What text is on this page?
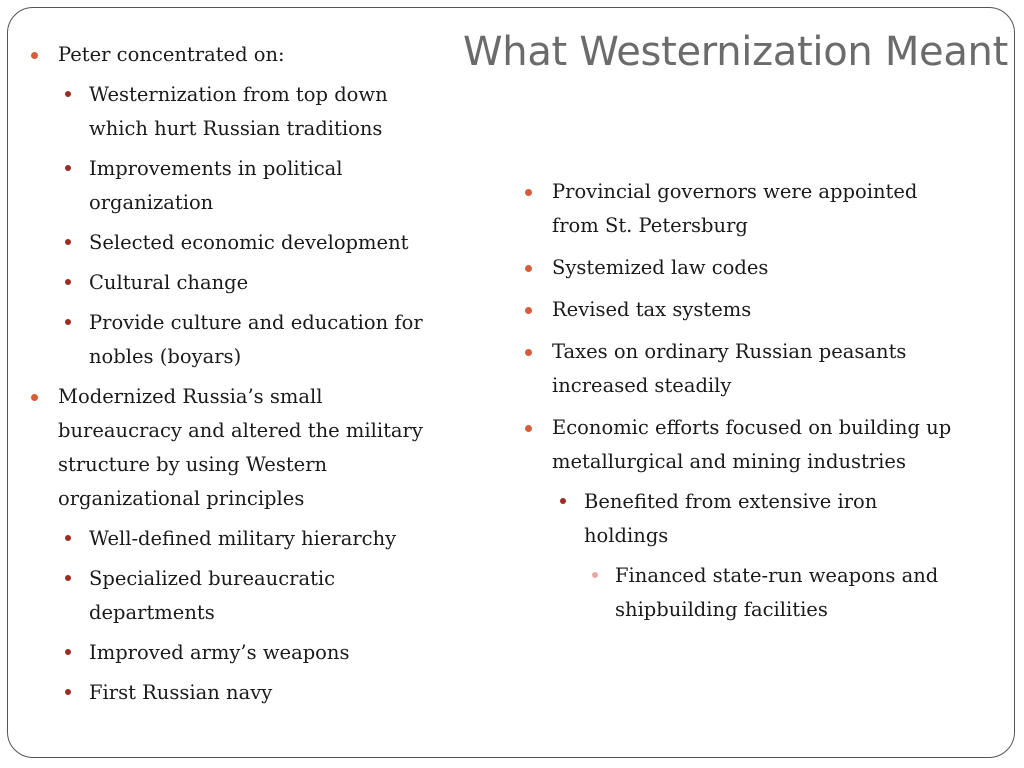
What Westernization Meant
Peter concentrated on:
Westernization from top down which hurt Russian traditions
Improvements in political organization
Selected economic development
Cultural change
Provide culture and education for nobles (boyars)
Modernized Russia’s small bureaucracy and altered the military structure by using Western organizational principles
Well-defined military hierarchy
Specialized bureaucratic departments
Improved army’s weapons
First Russian navy
Provincial governors were appointed from St. Petersburg
Systemized law codes
Revised tax systems
Taxes on ordinary Russian peasants increased steadily
Economic efforts focused on building up metallurgical and mining industries
Benefited from extensive iron holdings
Financed state-run weapons and shipbuilding facilities
